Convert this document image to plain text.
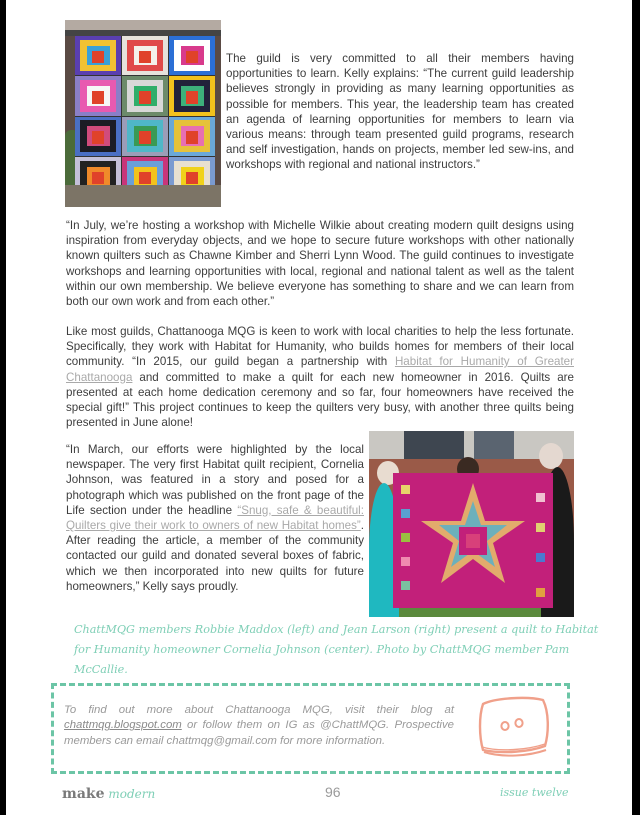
The guild is very committed to all their members having opportunities to learn. Kelly explains: “The current guild leadership believes strongly in providing as many learning opportunities as possible for members. This year, the leadership team has created an agenda of learning opportunities for members to learn via various means: through team presented guild programs, research and self investigation, hands on projects, member led sew-ins, and workshops with regional and national instructors.”

“In July, we’re hosting a workshop with Michelle Wilkie about creating modern quilt designs using inspiration from everyday objects, and we hope to secure future workshops with other nationally known quilters such as Chawne Kimber and Sherri Lynn Wood. The guild continues to investigate workshops and learning opportunities with local, regional and national talent as well as the talent within our own membership. We believe everyone has something to share and we can learn from both our own work and from each other.”

Like most guilds, Chattanooga MQG is keen to work with local charities to help the less fortunate. Specifically, they work with Habitat for Humanity, who builds homes for members of their local community. “In 2015, our guild began a partnership with Habitat for Humanity of Greater Chattanooga and committed to make a quilt for each new homeowner in 2016. Quilts are presented at each home dedication ceremony and so far, four homeowners have received the special gift!” This project continues to keep the quilters very busy, with another three quilts being presented in June alone!

“In March, our efforts were highlighted by the local newspaper. The very first Habitat quilt recipient, Cornelia Johnson, was featured in a story and posed for a photograph which was published on the front page of the Life section under the headline “Snug, safe & beautiful: Quilters give their work to owners of new Habitat homes”. After reading the article, a member of the community contacted our guild and donated several boxes of fabric, which we then incorporated into new quilts for future homeowners,” Kelly says proudly.

ChattMQG members Robbie Maddox (left) and Jean Larson (right) present a quilt to Habitat for Humanity homeowner Cornelia Johnson (center). Photo by ChattMQG member Pam McCallie.

To find out more about Chattanooga MQG, visit their blog at chattmqg.blogspot.com or follow them on IG as @ChattMQG. Prospective members can email chattmqg@gmail.com for more information.

make modern	96	issue twelve
